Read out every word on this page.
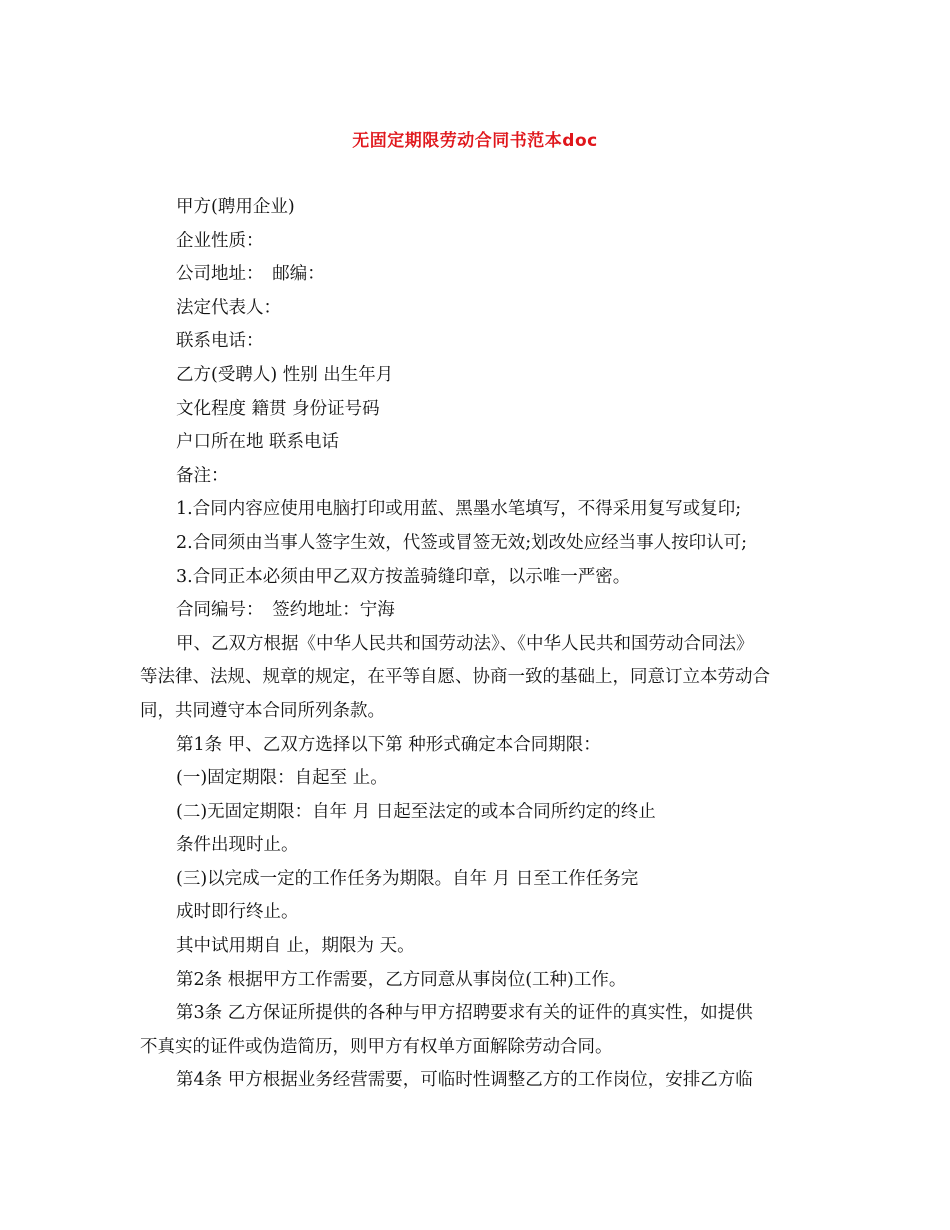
无固定期限劳动合同书范本doc
甲方(聘用企业)
企业性质：
公司地址：　邮编：
法定代表人：
联系电话：
乙方(受聘人) 性别 出生年月
文化程度 籍贯 身份证号码
户口所在地 联系电话
备注：
1.合同内容应使用电脑打印或用蓝、黑墨水笔填写，不得采用复写或复印;
2.合同须由当事人签字生效，代签或冒签无效;划改处应经当事人按印认可;
3.合同正本必须由甲乙双方按盖骑缝印章，以示唯一严密。
合同编号：　签约地址：宁海
甲、乙双方根据《中华人民共和国劳动法》、《中华人民共和国劳动合同法》
等法律、法规、规章的规定，在平等自愿、协商一致的基础上，同意订立本劳动合
同，共同遵守本合同所列条款。
第1条 甲、乙双方选择以下第 种形式确定本合同期限：
(一)固定期限：自起至 止。
(二)无固定期限：自年 月 日起至法定的或本合同所约定的终止
条件出现时止。
(三)以完成一定的工作任务为期限。自年 月 日至工作任务完
成时即行终止。
其中试用期自 止，期限为 天。
第2条 根据甲方工作需要，乙方同意从事岗位(工种)工作。
第3条 乙方保证所提供的各种与甲方招聘要求有关的证件的真实性，如提供
不真实的证件或伪造简历，则甲方有权单方面解除劳动合同。
第4条 甲方根据业务经营需要，可临时性调整乙方的工作岗位，安排乙方临
